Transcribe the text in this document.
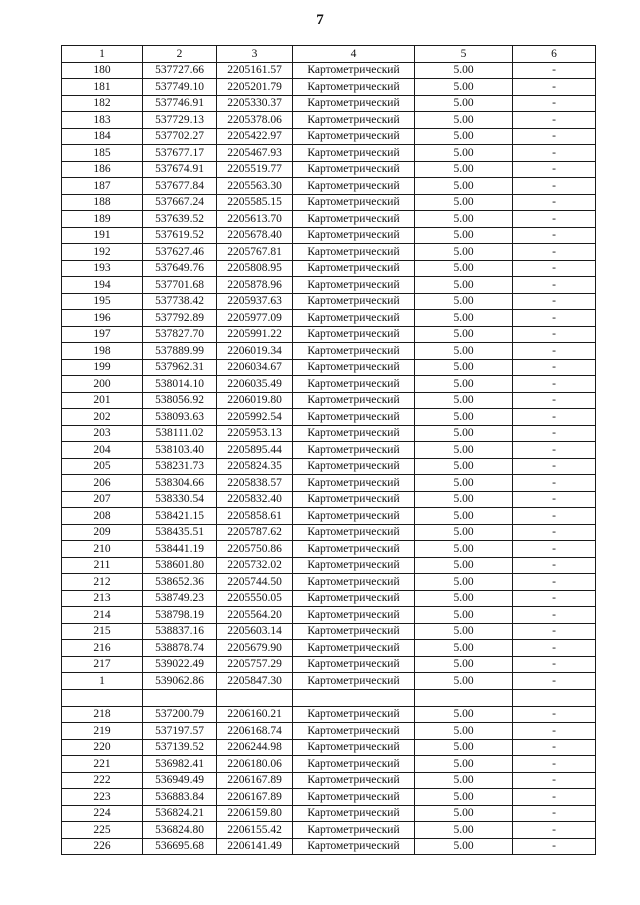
7
1	2	3	4	5	6
180	537727.66	2205161.57	Картометрический	5.00	-
181	537749.10	2205201.79	Картометрический	5.00	-
182	537746.91	2205330.37	Картометрический	5.00	-
183	537729.13	2205378.06	Картометрический	5.00	-
184	537702.27	2205422.97	Картометрический	5.00	-
185	537677.17	2205467.93	Картометрический	5.00	-
186	537674.91	2205519.77	Картометрический	5.00	-
187	537677.84	2205563.30	Картометрический	5.00	-
188	537667.24	2205585.15	Картометрический	5.00	-
189	537639.52	2205613.70	Картометрический	5.00	-
191	537619.52	2205678.40	Картометрический	5.00	-
192	537627.46	2205767.81	Картометрический	5.00	-
193	537649.76	2205808.95	Картометрический	5.00	-
194	537701.68	2205878.96	Картометрический	5.00	-
195	537738.42	2205937.63	Картометрический	5.00	-
196	537792.89	2205977.09	Картометрический	5.00	-
197	537827.70	2205991.22	Картометрический	5.00	-
198	537889.99	2206019.34	Картометрический	5.00	-
199	537962.31	2206034.67	Картометрический	5.00	-
200	538014.10	2206035.49	Картометрический	5.00	-
201	538056.92	2206019.80	Картометрический	5.00	-
202	538093.63	2205992.54	Картометрический	5.00	-
203	538111.02	2205953.13	Картометрический	5.00	-
204	538103.40	2205895.44	Картометрический	5.00	-
205	538231.73	2205824.35	Картометрический	5.00	-
206	538304.66	2205838.57	Картометрический	5.00	-
207	538330.54	2205832.40	Картометрический	5.00	-
208	538421.15	2205858.61	Картометрический	5.00	-
209	538435.51	2205787.62	Картометрический	5.00	-
210	538441.19	2205750.86	Картометрический	5.00	-
211	538601.80	2205732.02	Картометрический	5.00	-
212	538652.36	2205744.50	Картометрический	5.00	-
213	538749.23	2205550.05	Картометрический	5.00	-
214	538798.19	2205564.20	Картометрический	5.00	-
215	538837.16	2205603.14	Картометрический	5.00	-
216	538878.74	2205679.90	Картометрический	5.00	-
217	539022.49	2205757.29	Картометрический	5.00	-
1	539062.86	2205847.30	Картометрический	5.00	-

218	537200.79	2206160.21	Картометрический	5.00	-
219	537197.57	2206168.74	Картометрический	5.00	-
220	537139.52	2206244.98	Картометрический	5.00	-
221	536982.41	2206180.06	Картометрический	5.00	-
222	536949.49	2206167.89	Картометрический	5.00	-
223	536883.84	2206167.89	Картометрический	5.00	-
224	536824.21	2206159.80	Картометрический	5.00	-
225	536824.80	2206155.42	Картометрический	5.00	-
226	536695.68	2206141.49	Картометрический	5.00	-
